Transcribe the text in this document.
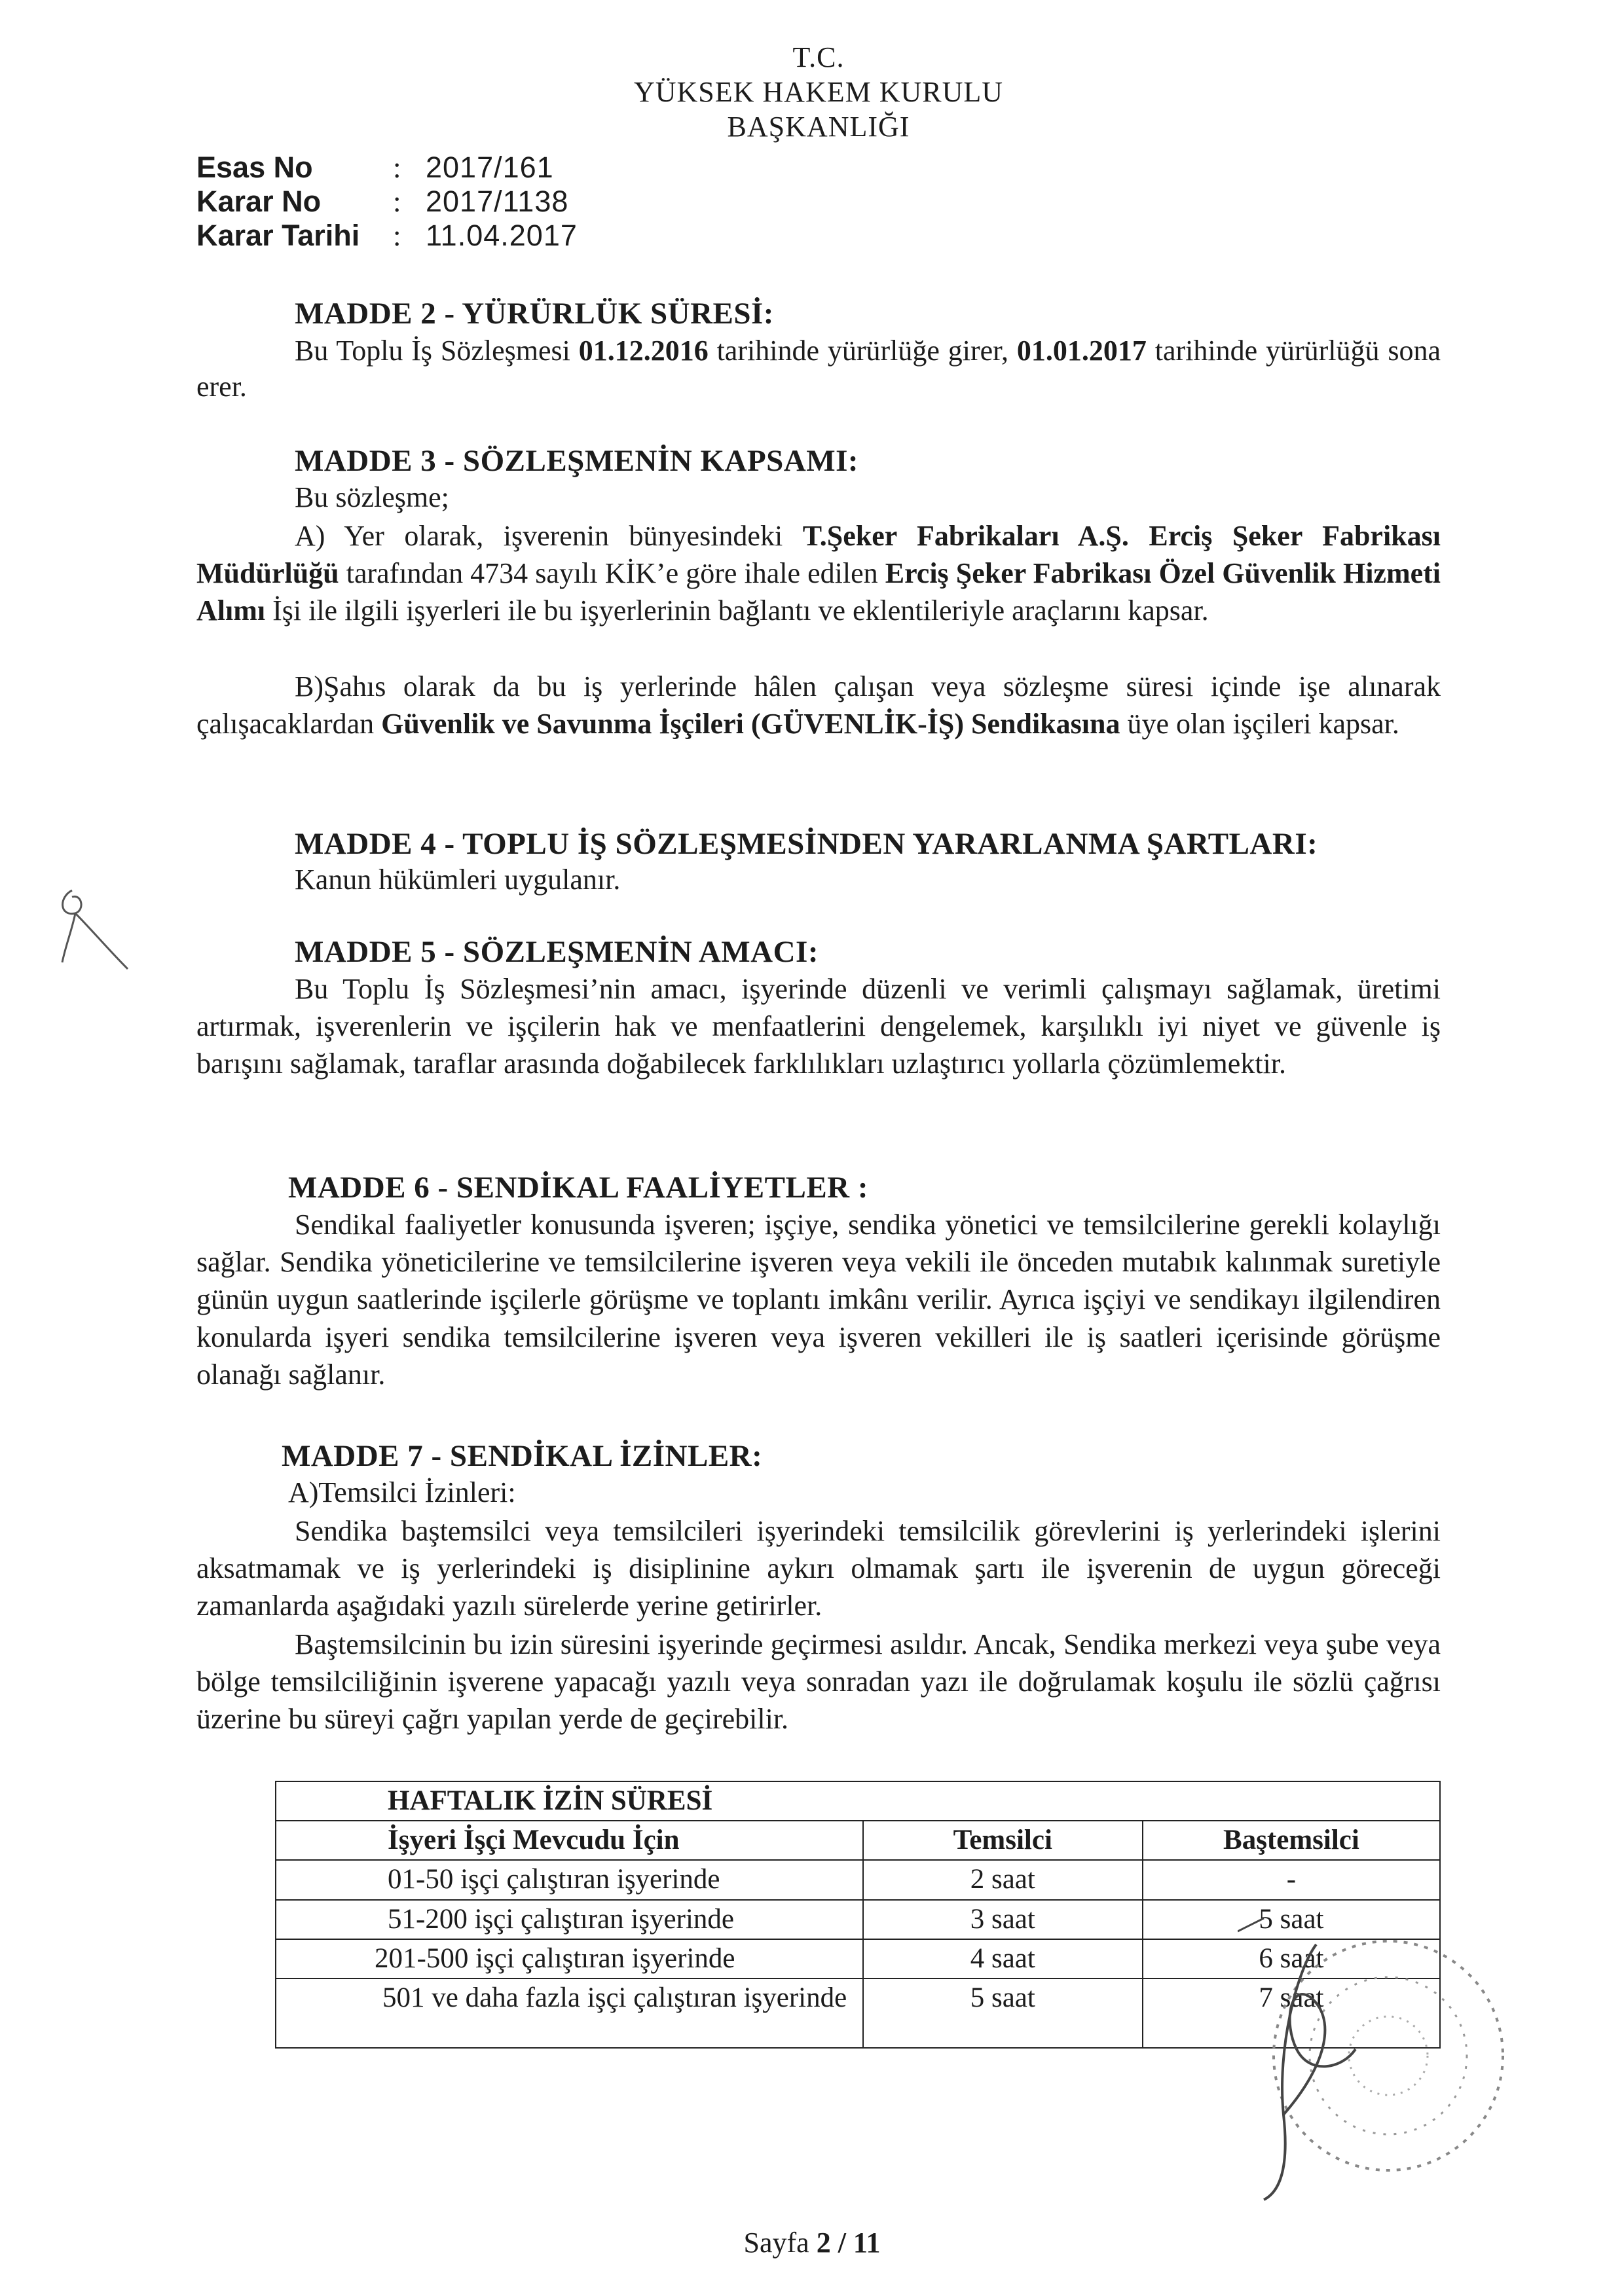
T.C.
YÜKSEK HAKEM KURULU
BAŞKANLIĞI
Esas No	: 2017/161
Karar No	: 2017/1138
Karar Tarihi	: 11.04.2017
MADDE 2 - YÜRÜRLÜK SÜRESİ:

Bu Toplu İş Sözleşmesi 01.12.2016 tarihinde yürürlüğe girer, 01.01.2017 tarihinde yürürlüğü sona erer.

MADDE 3 - SÖZLEŞMENİN KAPSAMI:

Bu sözleşme;

A) Yer olarak, işverenin bünyesindeki T.Şeker Fabrikaları A.Ş. Erciş Şeker Fabrikası Müdürlüğü tarafından 4734 sayılı KİK’e göre ihale edilen Erciş Şeker Fabrikası Özel Güvenlik Hizmeti Alımı İşi ile ilgili işyerleri ile bu işyerlerinin bağlantı ve eklentileriyle araçlarını kapsar.

B)Şahıs olarak da bu iş yerlerinde hâlen çalışan veya sözleşme süresi içinde işe alınarak çalışacaklardan Güvenlik ve Savunma İşçileri (GÜVENLİK-İŞ) Sendikasına üye olan işçileri kapsar.

MADDE 4 - TOPLU İŞ SÖZLEŞMESİNDEN YARARLANMA ŞARTLARI:

Kanun hükümleri uygulanır.

MADDE 5 - SÖZLEŞMENİN AMACI:

Bu Toplu İş Sözleşmesi’nin amacı, işyerinde düzenli ve verimli çalışmayı sağlamak, üretimi artırmak, işverenlerin ve işçilerin hak ve menfaatlerini dengelemek, karşılıklı iyi niyet ve güvenle iş barışını sağlamak, taraflar arasında doğabilecek farklılıkları uzlaştırıcı yollarla çözümlemektir.

MADDE 6 - SENDİKAL FAALİYETLER :

Sendikal faaliyetler konusunda işveren; işçiye, sendika yönetici ve temsilcilerine gerekli kolaylığı sağlar. Sendika yöneticilerine ve temsilcilerine işveren veya vekili ile önceden mutabık kalınmak suretiyle günün uygun saatlerinde işçilerle görüşme ve toplantı imkânı verilir. Ayrıca işçiyi ve sendikayı ilgilendiren konularda işyeri sendika temsilcilerine işveren veya işveren vekilleri ile iş saatleri içerisinde görüşme olanağı sağlanır.

MADDE 7 - SENDİKAL İZİNLER:

A)Temsilci İzinleri:

Sendika baştemsilci veya temsilcileri işyerindeki temsilcilik görevlerini iş yerlerindeki işlerini aksatmamak ve iş yerlerindeki iş disiplinine aykırı olmamak şartı ile işverenin de uygun göreceği zamanlarda aşağıdaki yazılı sürelerde yerine getirirler.

Baştemsilcinin bu izin süresini işyerinde geçirmesi asıldır. Ancak, Sendika merkezi veya şube veya bölge temsilciliğinin işverene yapacağı yazılı veya sonradan yazı ile doğrulamak koşulu ile sözlü çağrısı üzerine bu süreyi çağrı yapılan yerde de geçirebilir.

HAFTALIK İZİN SÜRESİ		
İşyeri İşçi Mevcudu İçin	Temsilci	Baştemsilci
01-50 işçi çalıştıran işyerinde	2 saat	-
51-200 işçi çalıştıran işyerinde	3 saat	5 saat
201-500 işçi çalıştıran işyerinde	4 saat	6 saat
501 ve daha fazla işçi çalıştıran işyerinde	5 saat	7 saat
Sayfa 2 / 11
